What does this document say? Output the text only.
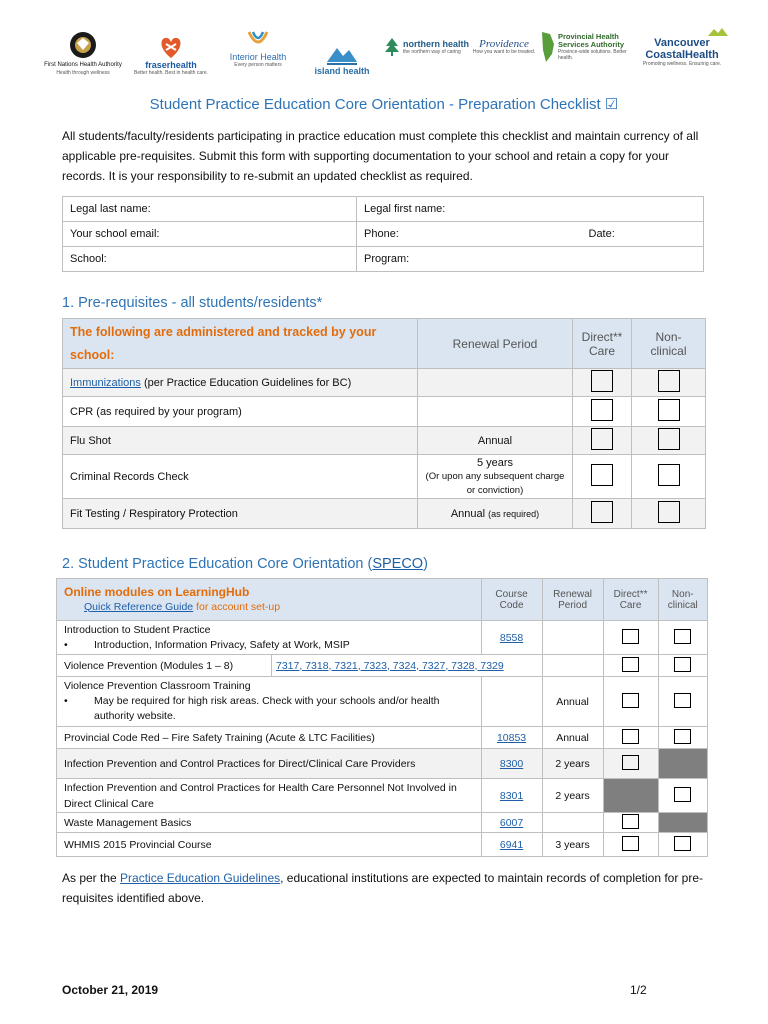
First Nations Health Authority
Health through wellness
fraserhealth
Better health. Best in health care.
Interior Health
Every person matters
island health
northern health
the northern way of caring
Providence
How you want to be treated.
Provincial Health Services Authority
Province-wide solutions. Better health.
Vancouver CoastalHealth
Promoting wellness. Ensuring care.
Student Practice Education Core Orientation - Preparation Checklist ☑
All students/faculty/residents participating in practice education must complete this checklist and maintain currency of all applicable pre-requisites. Submit this form with supporting documentation to your school and retain a copy for your records. It is your responsibility to re-submit an updated checklist as required.
Legal last name:	Legal first name:
Your school email:	Phone: Date:

School:	Program:
1. Pre-requisites - all students/residents*
The following are administered and tracked by your school:	Renewal Period	Direct** Care	Non-clinical
Immunizations (per Practice Education Guidelines for BC)			
CPR (as required by your program)			
Flu Shot	Annual		
Criminal Records Check	5 years
(Or upon any subsequent charge or conviction)		

Fit Testing / Respiratory Protection	Annual (as required)		
2. Student Practice Education Core Orientation (SPECO)
Online modules on LearningHub
Quick Reference Guide for account set-up		Course Code	Renewal Period	Direct** Care	Non-clinical

Introduction to Student Practice
• Introduction, Information Privacy, Safety at Work, MSIP		8558			
Violence Prevention (Modules 1 – 8)	7317, 7318, 7321, 7323, 7324, 7327, 7328, 7329				

Violence Prevention Classroom Training
• May be required for high risk areas. Check with your schools and/or health authority website.			Annual		
Provincial Code Red – Fire Safety Training (Acute & LTC Facilities)		10853	Annual		
Infection Prevention and Control Practices for Direct/Clinical Care Providers		8300	2 years		
Infection Prevention and Control Practices for Health Care Personnel Not Involved in Direct Clinical Care		8301	2 years		
Waste Management Basics		6007			
WHMIS 2015 Provincial Course		6941	3 years		
As per the Practice Education Guidelines, educational institutions are expected to maintain records of completion for pre-requisites identified above.
October 21, 2019	1/2
